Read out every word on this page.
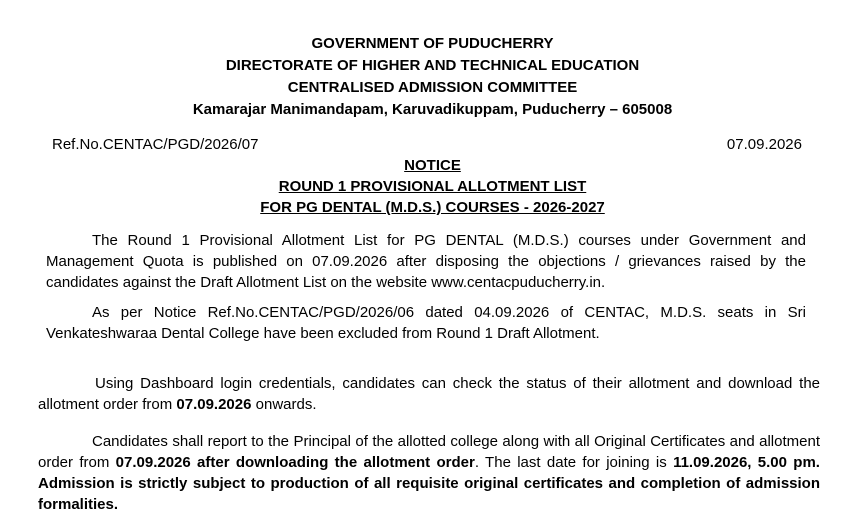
GOVERNMENT OF PUDUCHERRY
DIRECTORATE OF HIGHER AND TECHNICAL EDUCATION
CENTRALISED ADMISSION COMMITTEE
Kamarajar Manimandapam, Karuvadikuppam, Puducherry – 605008
Ref.No.CENTAC/PGD/2026/07	07.09.2026
NOTICE
ROUND 1 PROVISIONAL ALLOTMENT LIST
FOR PG DENTAL (M.D.S.) COURSES - 2026-2027
The Round 1 Provisional Allotment List for PG DENTAL (M.D.S.) courses under Government and Management Quota is published on 07.09.2026 after disposing the objections / grievances raised by the candidates against the Draft Allotment List on the website www.centacpuducherry.in.
As per Notice Ref.No.CENTAC/PGD/2026/06 dated 04.09.2026 of CENTAC, M.D.S. seats in Sri Venkateshwaraa Dental College have been excluded from Round 1 Draft Allotment.
Using Dashboard login credentials, candidates can check the status of their allotment and download the allotment order from 07.09.2026 onwards.
Candidates shall report to the Principal of the allotted college along with all Original Certificates and allotment order from 07.09.2026 after downloading the allotment order. The last date for joining is 11.09.2026, 5.00 pm. Admission is strictly subject to production of all requisite original certificates and completion of admission formalities.
